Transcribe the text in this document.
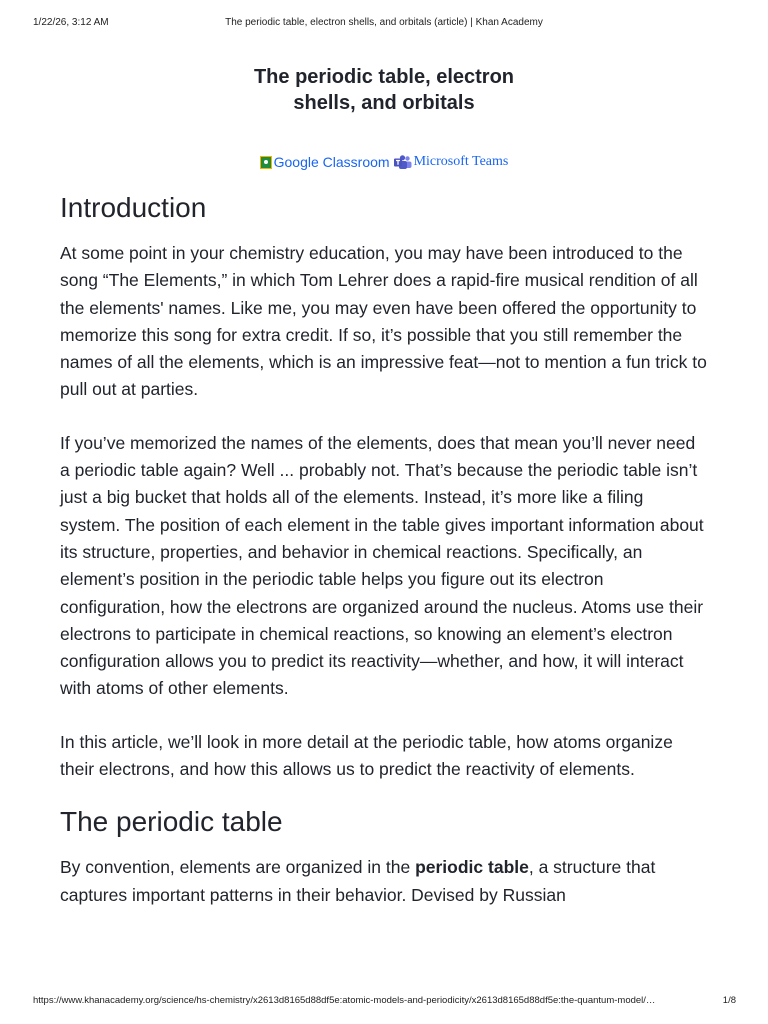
1/22/26, 3:12 AM	The periodic table, electron shells, and orbitals (article) | Khan Academy
The periodic table, electron shells, and orbitals
Google Classroom Microsoft Teams
Introduction

At some point in your chemistry education, you may have been introduced to the song “The Elements,” in which Tom Lehrer does a rapid-fire musical rendition of all the elements' names. Like me, you may even have been offered the opportunity to memorize this song for extra credit. If so, it’s possible that you still remember the names of all the elements, which is an impressive feat—not to mention a fun trick to pull out at parties.

If you’ve memorized the names of the elements, does that mean you’ll never need a periodic table again? Well ... probably not. That’s because the periodic table isn’t just a big bucket that holds all of the elements. Instead, it’s more like a filing system. The position of each element in the table gives important information about its structure, properties, and behavior in chemical reactions. Specifically, an element’s position in the periodic table helps you figure out its electron configuration, how the electrons are organized around the nucleus. Atoms use their electrons to participate in chemical reactions, so knowing an element’s electron configuration allows you to predict its reactivity—whether, and how, it will interact with atoms of other elements.

In this article, we’ll look in more detail at the periodic table, how atoms organize their electrons, and how this allows us to predict the reactivity of elements.

The periodic table

By convention, elements are organized in the periodic table, a structure that captures important patterns in their behavior. Devised by Russian

https://www.khanacademy.org/science/hs-chemistry/x2613d8165d88df5e:atomic-models-and-periodicity/x2613d8165d88df5e:the-quantum-model/…	1/8
